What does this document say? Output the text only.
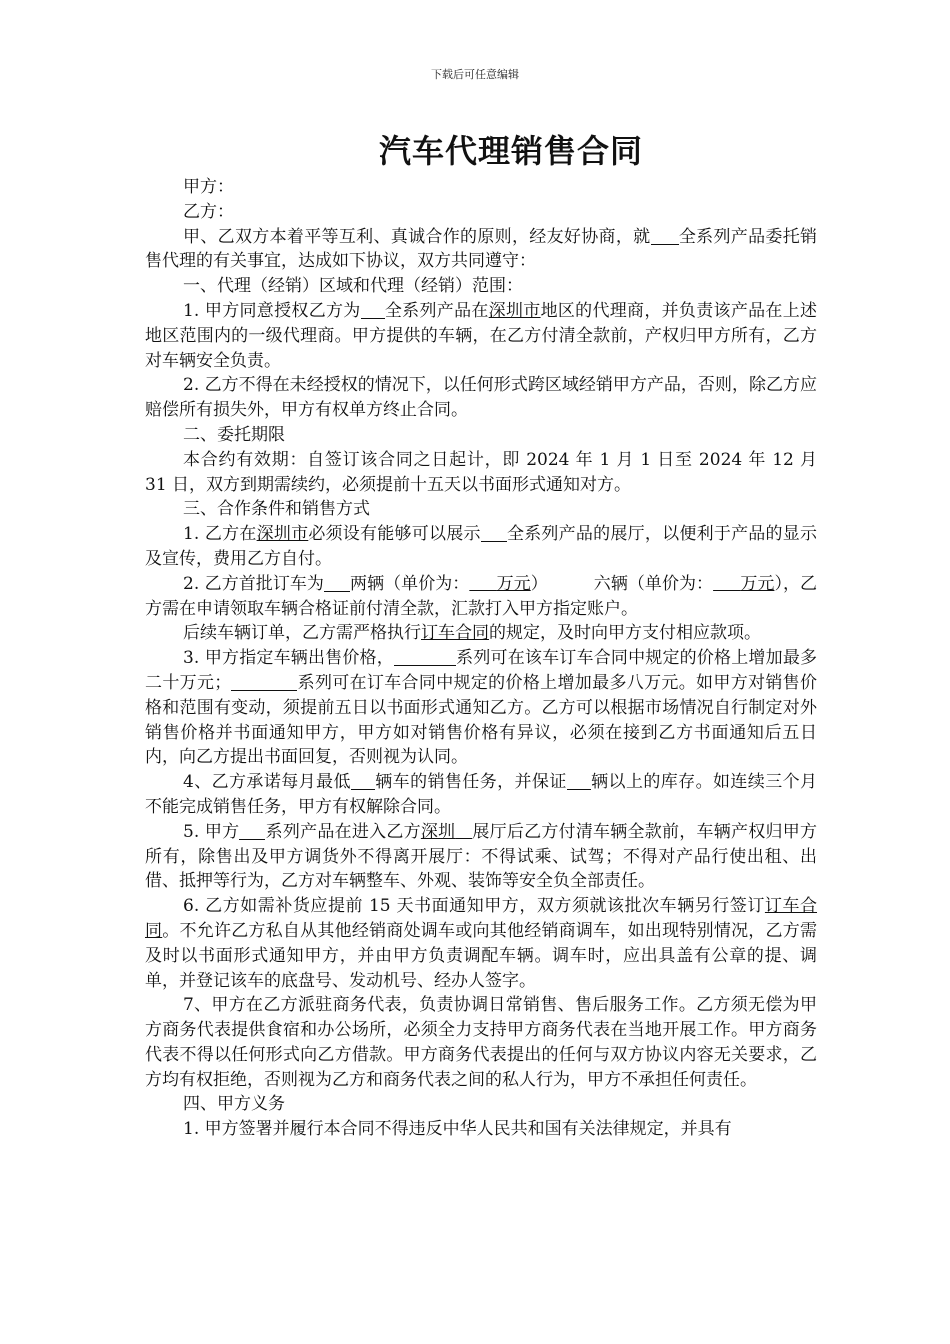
下载后可任意编辑
汽车代理销售合同

甲方：

乙方：

甲、乙双方本着平等互利、真诚合作的原则，经友好协商，就 全系列产品委托销售代理的有关事宜，达成如下协议，双方共同遵守：

一、代理（经销）区域和代理（经销）范围：

1. 甲方同意授权乙方为 全系列产品在深圳市地区的代理商，并负责该产品在上述地区范围内的一级代理商。甲方提供的车辆，在乙方付清全款前，产权归甲方所有，乙方对车辆安全负责。

2. 乙方不得在未经授权的情况下，以任何形式跨区域经销甲方产品，否则，除乙方应赔偿所有损失外，甲方有权单方终止合同。

二、委托期限

本合约有效期：自签订该合同之日起计，即 2024 年 1 月 1 日至 2024 年 12 月 31 日，双方到期需续约，必须提前十五天以书面形式通知对方。

三、合作条件和销售方式

1. 乙方在深圳市必须设有能够可以展示 全系列产品的展厅，以便利于产品的显示及宣传，费用乙方自付。

2. 乙方首批订车为 两辆（单价为： 万元）	六辆（单价为： 万元），乙方需在申请领取车辆合格证前付清全款，汇款打入甲方指定账户。

后续车辆订单，乙方需严格执行订车合同的规定，及时向甲方支付相应款项。

3. 甲方指定车辆出售价格，	系列可在该车订车合同中规定的价格上增加最多二十万元；	系列可在订车合同中规定的价格上增加最多八万元。如甲方对销售价格和范围有变动，须提前五日以书面形式通知乙方。乙方可以根据市场情况自行制定对外销售价格并书面通知甲方，甲方如对销售价格有异议，必须在接到乙方书面通知后五日内，向乙方提出书面回复，否则视为认同。

4、乙方承诺每月最低 辆车的销售任务，并保证 辆以上的库存。如连续三个月不能完成销售任务，甲方有权解除合同。

5. 甲方 系列产品在进入乙方深圳 展厅后乙方付清车辆全款前，车辆产权归甲方所有，除售出及甲方调货外不得离开展厅：不得试乘、试驾；不得对产品行使出租、出借、抵押等行为，乙方对车辆整车、外观、装饰等安全负全部责任。

6. 乙方如需补货应提前 15 天书面通知甲方，双方须就该批次车辆另行签订订车合同。不允许乙方私自从其他经销商处调车或向其他经销商调车，如出现特别情况，乙方需及时以书面形式通知甲方，并由甲方负责调配车辆。调车时，应出具盖有公章的提、调单，并登记该车的底盘号、发动机号、经办人签字。

7、甲方在乙方派驻商务代表，负责协调日常销售、售后服务工作。乙方须无偿为甲方商务代表提供食宿和办公场所，必须全力支持甲方商务代表在当地开展工作。甲方商务代表不得以任何形式向乙方借款。甲方商务代表提出的任何与双方协议内容无关要求，乙方均有权拒绝，否则视为乙方和商务代表之间的私人行为，甲方不承担任何责任。

四、甲方义务

1. 甲方签署并履行本合同不得违反中华人民共和国有关法律规定，并具有
